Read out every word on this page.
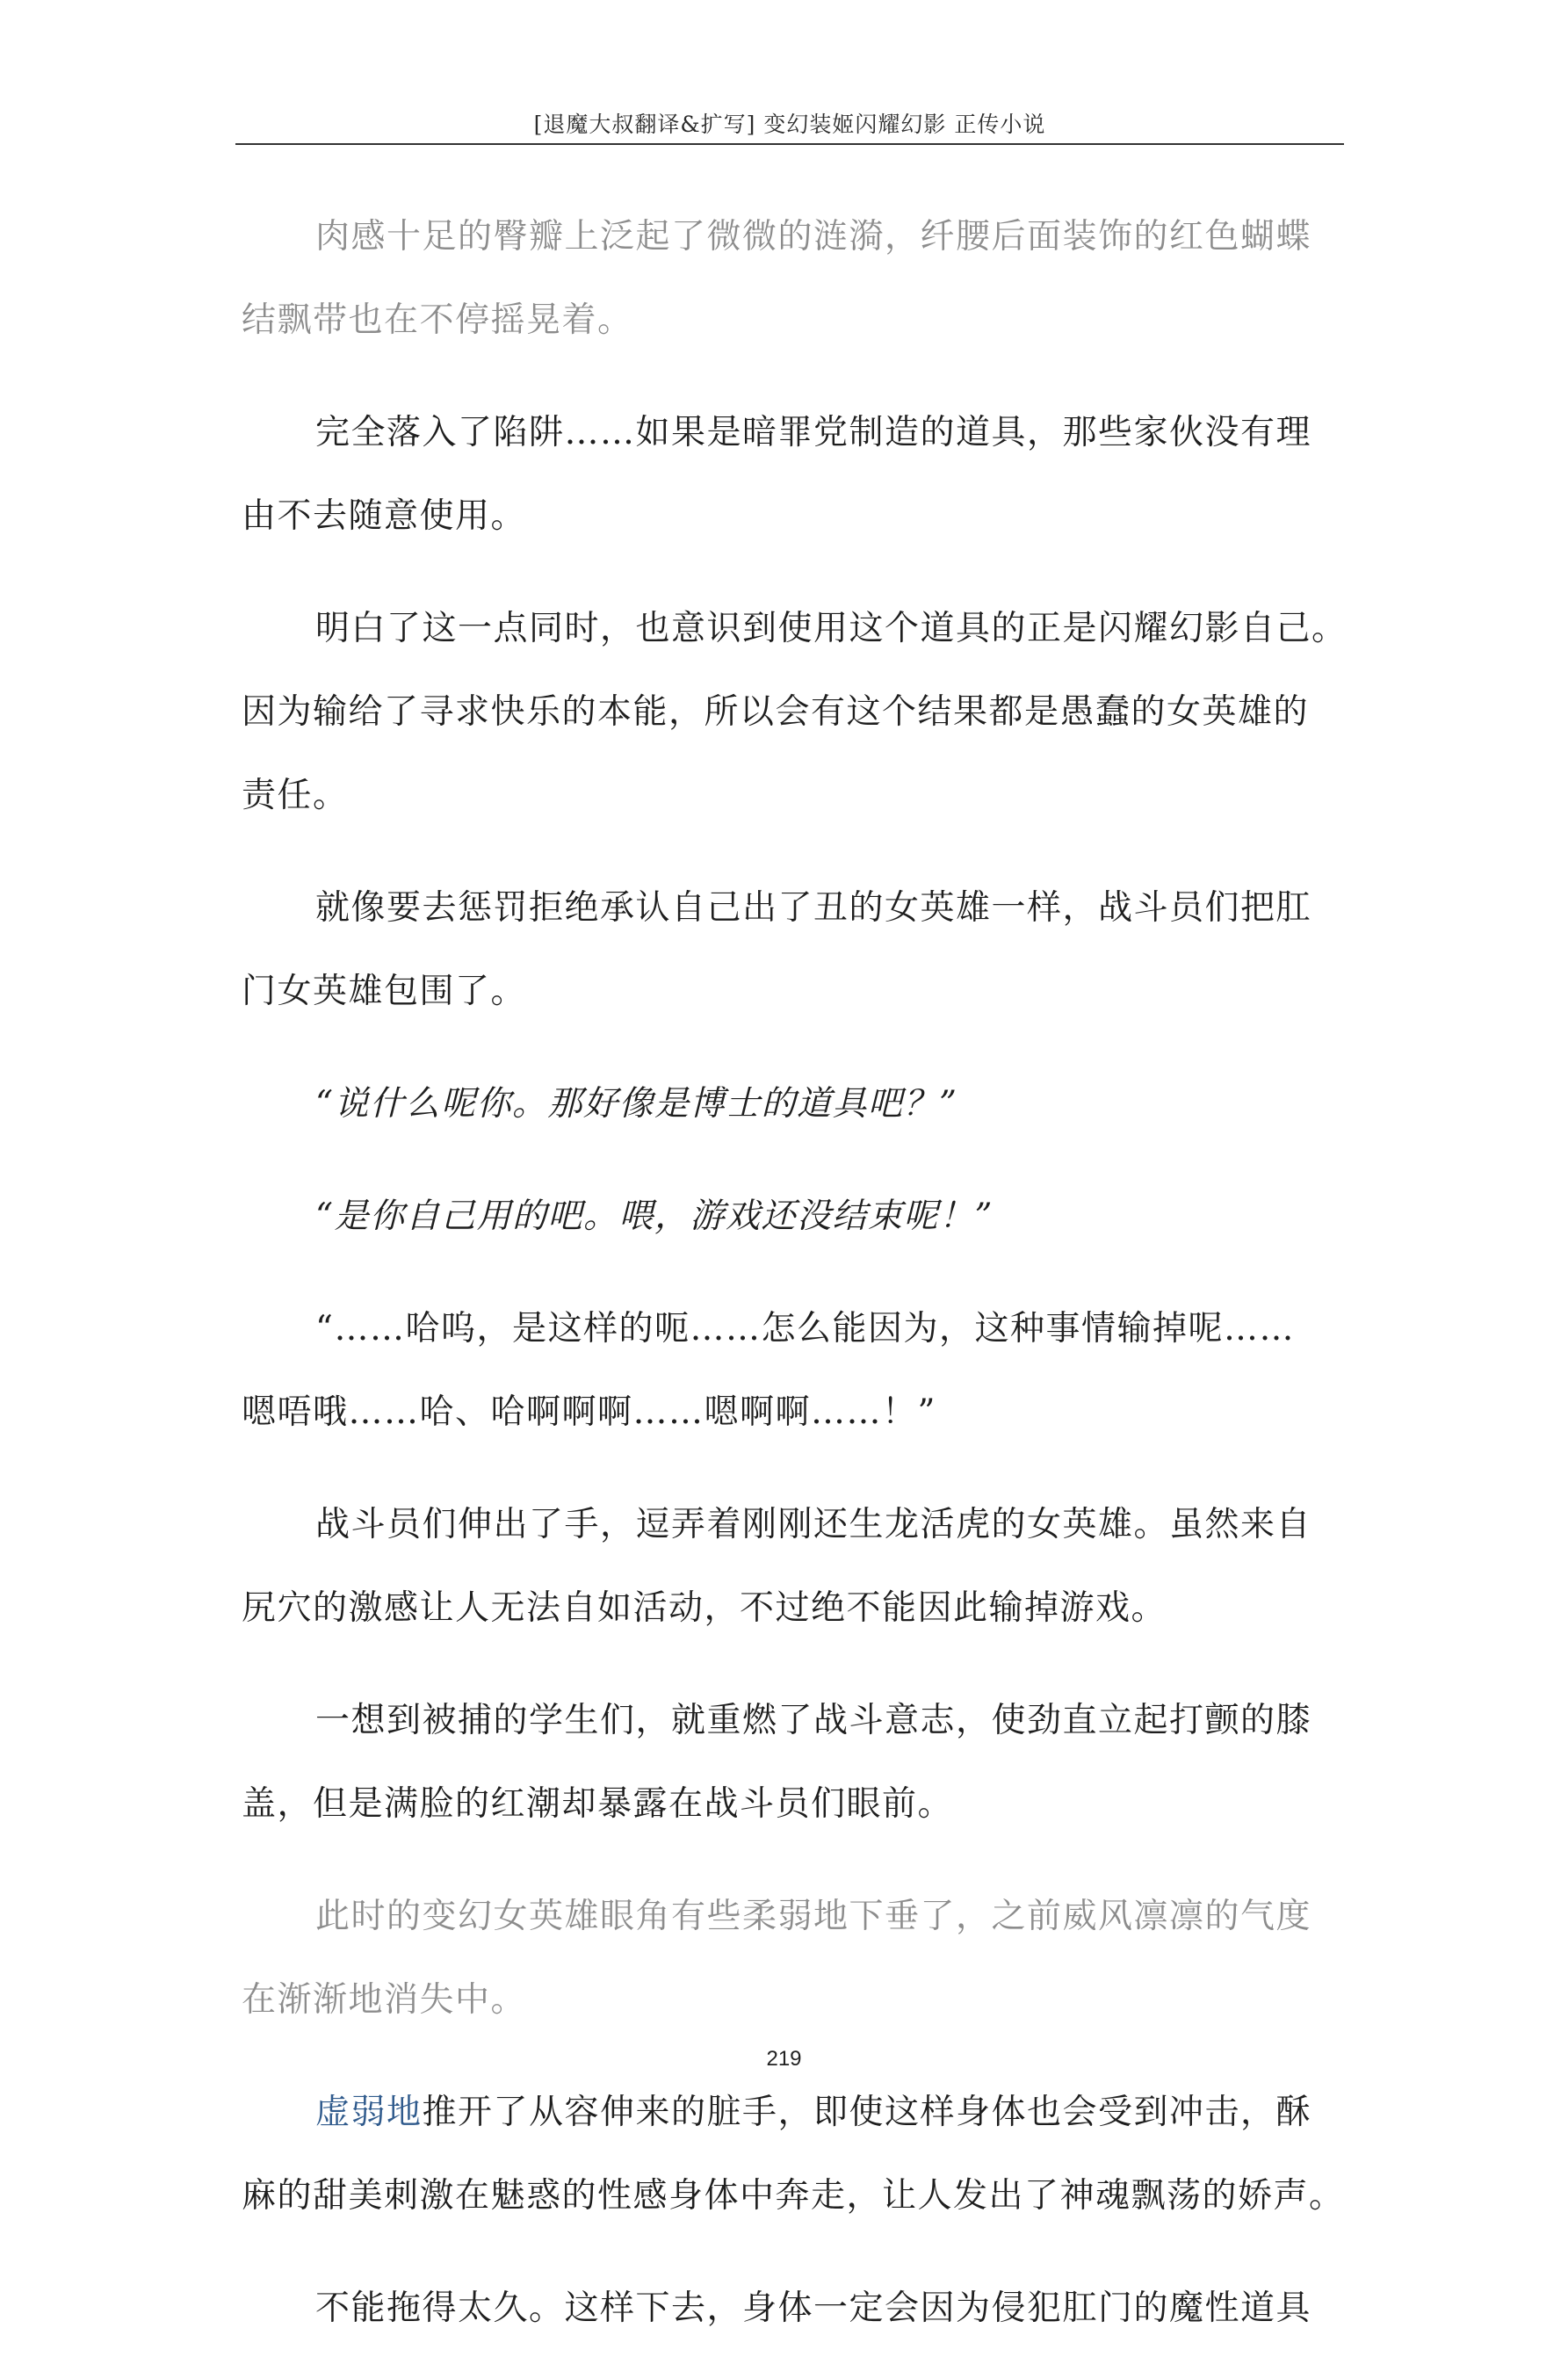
[退魔大叔翻译&扩写] 变幻装姬闪耀幻影 正传小说

肉感十足的臀瓣上泛起了微微的涟漪，纤腰后面装饰的红色蝴蝶
结飘带也在不停摇晃着。

完全落入了陷阱……如果是暗罪党制造的道具，那些家伙没有理
由不去随意使用。

明白了这一点同时，也意识到使用这个道具的正是闪耀幻影自己。
因为输给了寻求快乐的本能，所以会有这个结果都是愚蠢的女英雄的
责任。

就像要去惩罚拒绝承认自己出了丑的女英雄一样，战斗员们把肛
门女英雄包围了。

“说什么呢你。那好像是博士的道具吧？”

“是你自己用的吧。喂，游戏还没结束呢！”

“……哈呜，是这样的呃……怎么能因为，这种事情输掉呢……
嗯唔哦……哈、哈啊啊啊……嗯啊啊……！”

战斗员们伸出了手，逗弄着刚刚还生龙活虎的女英雄。虽然来自
尻穴的激感让人无法自如活动，不过绝不能因此输掉游戏。

一想到被捕的学生们，就重燃了战斗意志，使劲直立起打颤的膝
盖，但是满脸的红潮却暴露在战斗员们眼前。

此时的变幻女英雄眼角有些柔弱地下垂了，之前威风凛凛的气度
在渐渐地消失中。

虚弱地推开了从容伸来的脏手，即使这样身体也会受到冲击，酥
麻的甜美刺激在魅惑的性感身体中奔走，让人发出了神魂飘荡的娇声。

不能拖得太久。这样下去，身体一定会因为侵犯肛门的魔性道具

219
